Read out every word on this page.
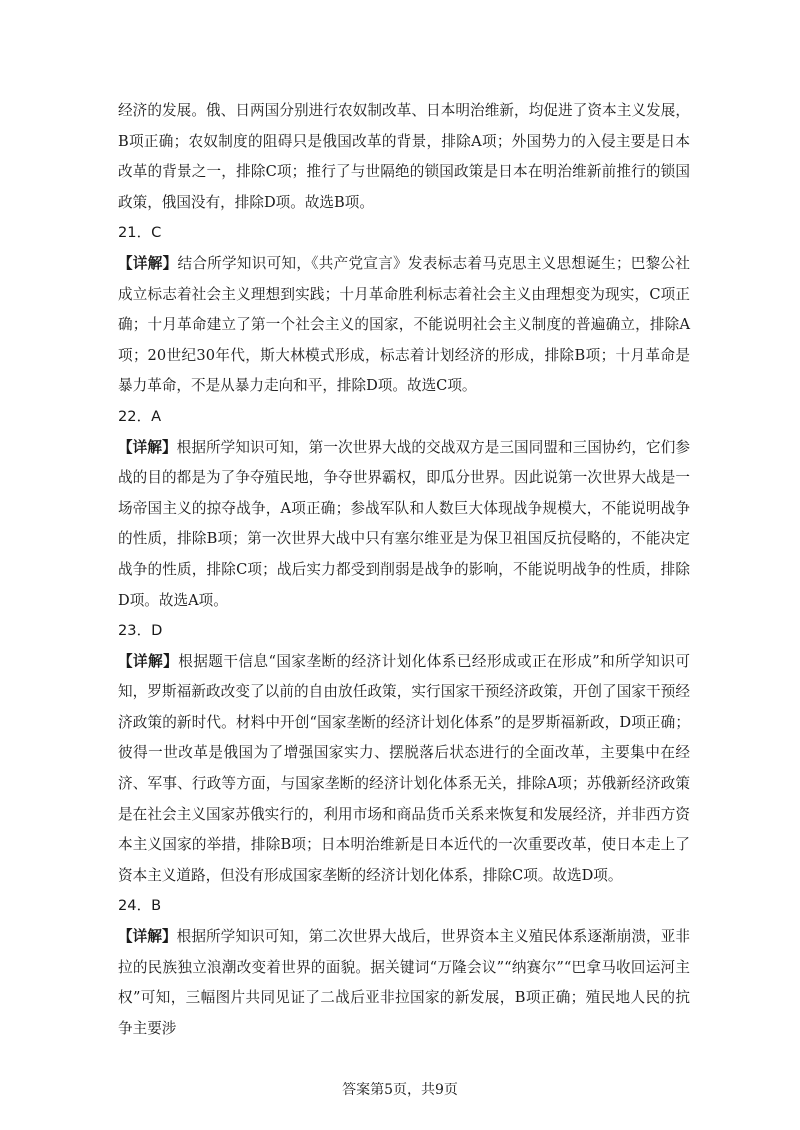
经济的发展。俄、日两国分别进行农奴制改革、日本明治维新，均促进了资本主义发展，B项正确；农奴制度的阻碍只是俄国改革的背景，排除A项；外国势力的入侵主要是日本改革的背景之一，排除C项；推行了与世隔绝的锁国政策是日本在明治维新前推行的锁国政策，俄国没有，排除D项。故选B项。

21．C

【详解】结合所学知识可知，《共产党宣言》发表标志着马克思主义思想诞生；巴黎公社成立标志着社会主义理想到实践；十月革命胜利标志着社会主义由理想变为现实，C项正确；十月革命建立了第一个社会主义的国家，不能说明社会主义制度的普遍确立，排除A项；20世纪30年代，斯大林模式形成，标志着计划经济的形成，排除B项；十月革命是暴力革命，不是从暴力走向和平，排除D项。故选C项。

22．A

【详解】根据所学知识可知，第一次世界大战的交战双方是三国同盟和三国协约，它们参战的目的都是为了争夺殖民地，争夺世界霸权，即瓜分世界。因此说第一次世界大战是一场帝国主义的掠夺战争，A项正确；参战军队和人数巨大体现战争规模大，不能说明战争的性质，排除B项；第一次世界大战中只有塞尔维亚是为保卫祖国反抗侵略的，不能决定战争的性质，排除C项；战后实力都受到削弱是战争的影响，不能说明战争的性质，排除D项。故选A项。

23．D

【详解】根据题干信息“国家垄断的经济计划化体系已经形成或正在形成”和所学知识可知，罗斯福新政改变了以前的自由放任政策，实行国家干预经济政策，开创了国家干预经济政策的新时代。材料中开创“国家垄断的经济计划化体系”的是罗斯福新政，D项正确；彼得一世改革是俄国为了增强国家实力、摆脱落后状态进行的全面改革，主要集中在经济、军事、行政等方面，与国家垄断的经济计划化体系无关，排除A项；苏俄新经济政策是在社会主义国家苏俄实行的，利用市场和商品货币关系来恢复和发展经济，并非西方资本主义国家的举措，排除B项；日本明治维新是日本近代的一次重要改革，使日本走上了资本主义道路，但没有形成国家垄断的经济计划化体系，排除C项。故选D项。

24．B

【详解】根据所学知识可知，第二次世界大战后，世界资本主义殖民体系逐渐崩溃，亚非拉的民族独立浪潮改变着世界的面貌。据关键词“万隆会议”“纳赛尔”“巴拿马收回运河主权”可知，三幅图片共同见证了二战后亚非拉国家的新发展，B项正确；殖民地人民的抗争主要涉

答案第5页，共9页
